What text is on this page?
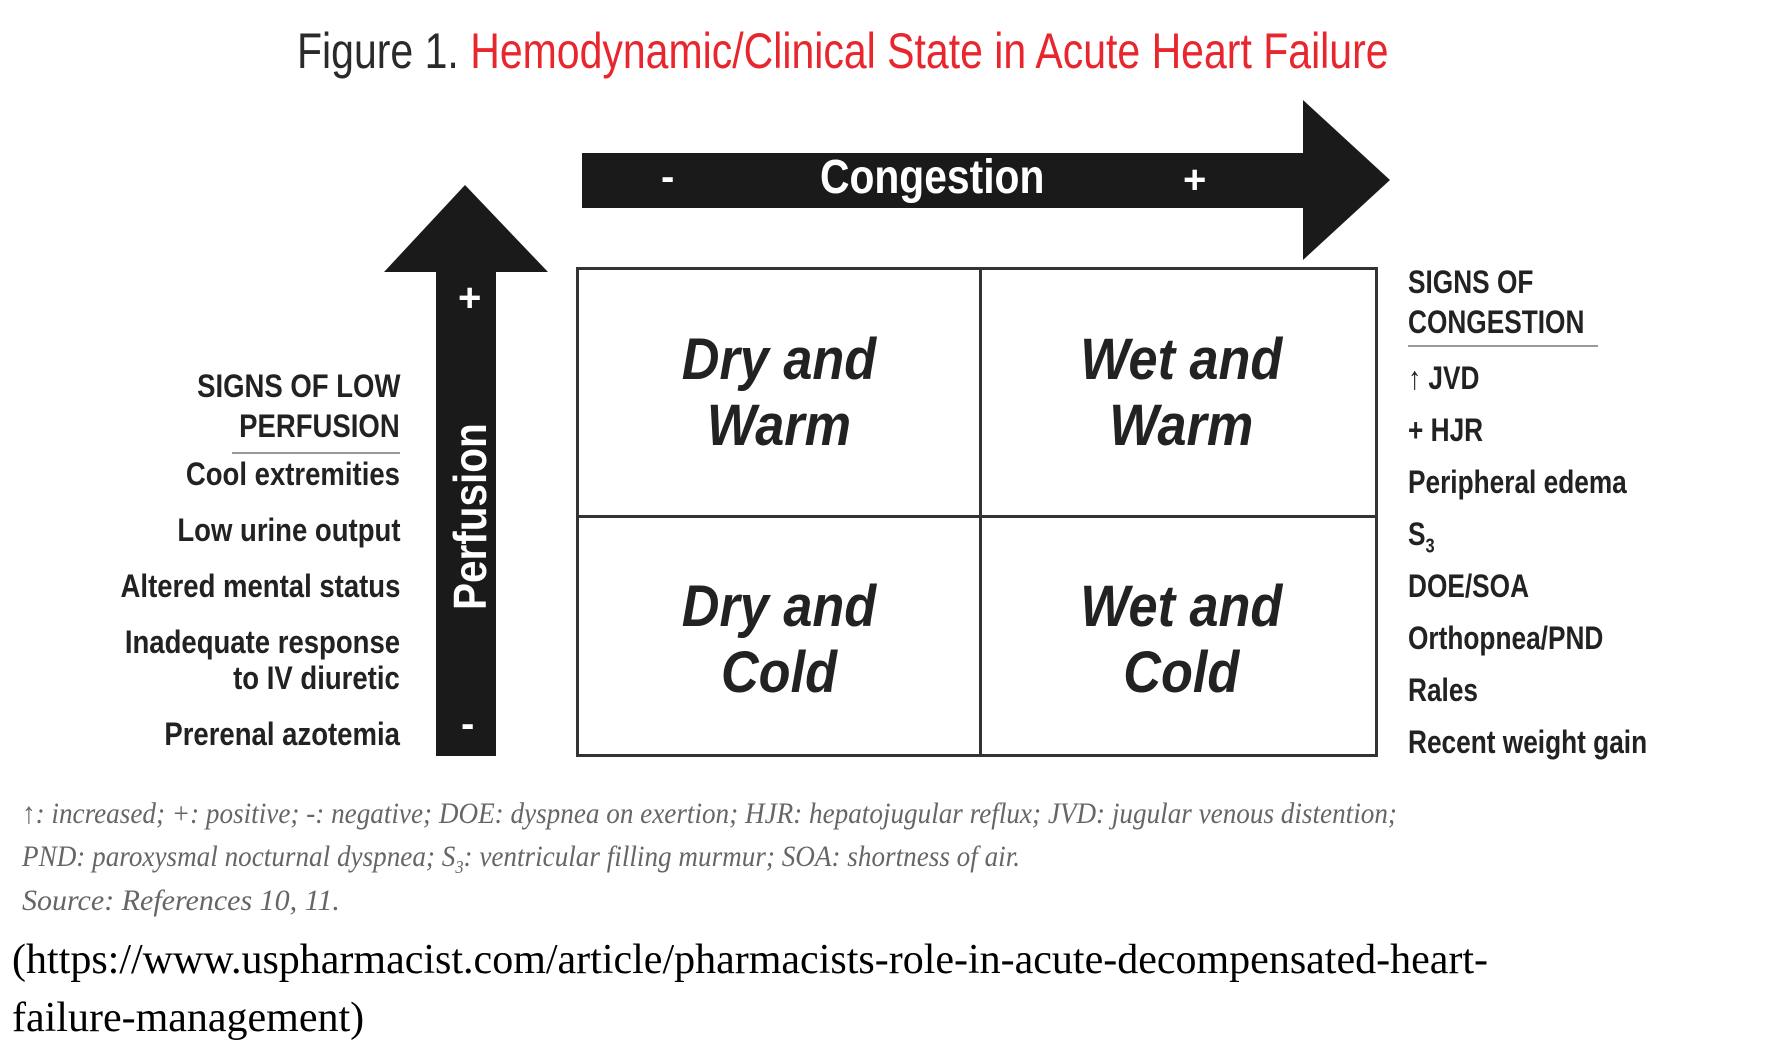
Figure 1. Hemodynamic/Clinical State in Acute Heart Failure
-	Congestion	+
+
Perfusion
-
Dry and
Warm
Wet and
Warm
Dry and
Cold
Wet and
Cold
SIGNS OF LOW
PERFUSION
Cool extremities
Low urine output
Altered mental status
Inadequate response
to IV diuretic
Prerenal azotemia
SIGNS OF
CONGESTION
↑ JVD
+ HJR
Peripheral edema
$S_3$
DOE/SOA
Orthopnea/PND
Rales
Recent weight gain
↑: increased; +: positive; -: negative; DOE: dyspnea on exertion; HJR: hepatojugular reflux; JVD: jugular venous distention;
PND: paroxysmal nocturnal dyspnea; $S_3$: ventricular filling murmur; SOA: shortness of air.
Source: References 10, 11.
(https://www.uspharmacist.com/article/pharmacists-role-in-acute-decompensated-heart-
failure-management)
